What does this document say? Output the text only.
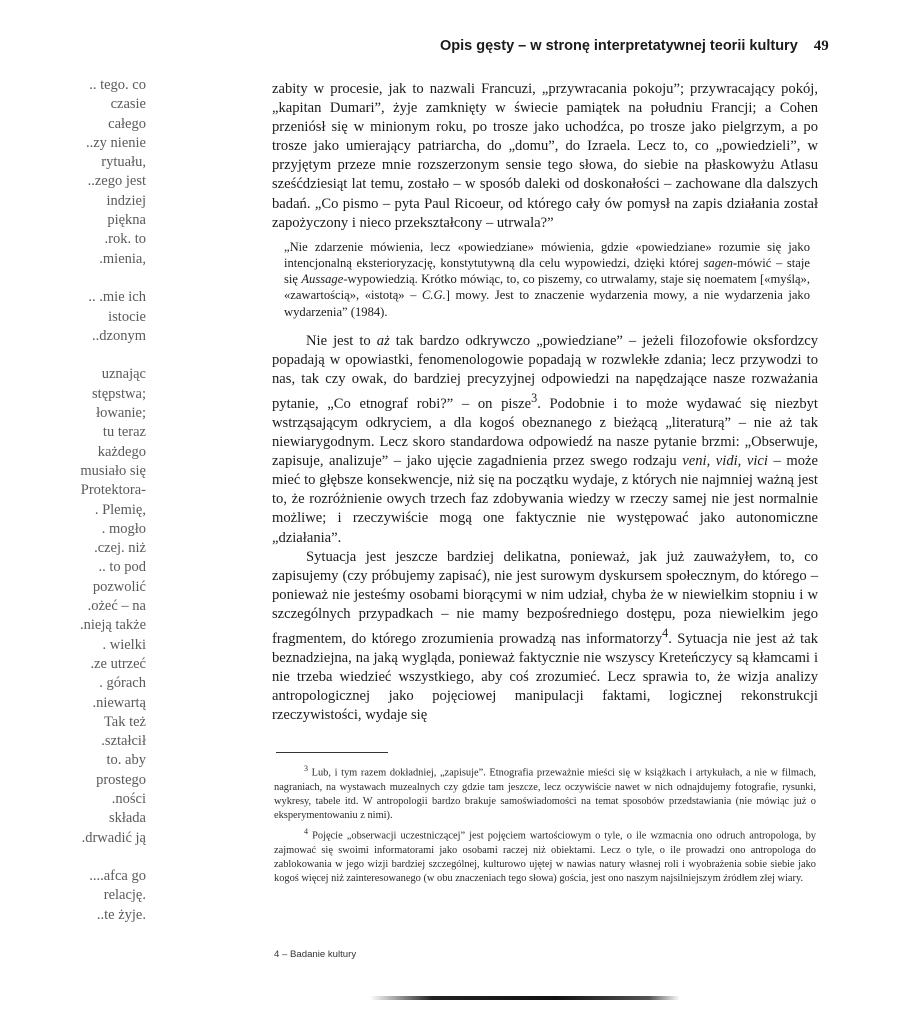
.. tego. co
czasie
całego
..zy nienie
rytuału,
..zego jest
indziej
piękna
.rok. to
.mienia,
.. .mie ich
istocie
..dzonym
uznając
stępstwa;
łowanie;
tu teraz
każdego
musiało się
Protektora-
. Plemię,
. mogło
.czej. niż
.. to pod
pozwolić
.ożeć – na
.nieją także
. wielki
.ze utrzeć
. górach
.niewartą
Tak też
.ształcił
to. aby
prostego
.ności
składa
.drwadić ją
....afca go
relację.
..te żyje.
Opis gęsty – w stronę interpretatywnej teorii kultury 49

zabity w procesie, jak to nazwali Francuzi, „przywracania pokoju”; przywracający pokój, „kapitan Dumari”, żyje zamknięty w świecie pamiątek na południu Francji; a Cohen przeniósł się w minionym roku, po trosze jako uchodźca, po trosze jako pielgrzym, a po trosze jako umierający patriarcha, do „domu”, do Izraela. Lecz to, co „powiedzieli”, w przyjętym przeze mnie rozszerzonym sensie tego słowa, do siebie na płaskowyżu Atlasu sześćdziesiąt lat temu, zostało – w sposób daleki od doskonałości – zachowane dla dalszych badań. „Co pismo – pyta Paul Ricoeur, od którego cały ów pomysł na zapis działania został zapożyczony i nieco przekształcony – utrwala?”

„Nie zdarzenie mówienia, lecz «powiedziane» mówienia, gdzie «powiedziane» rozumie się jako intencjonalną eksterioryzację, konstytutywną dla celu wypowiedzi, dzięki której sagen-mówić – staje się Aussage-wypowiedzią. Krótko mówiąc, to, co piszemy, co utrwalamy, staje się noematem [«myślą», «zawartością», «istotą» – C.G.] mowy. Jest to znaczenie wydarzenia mowy, a nie wydarzenia jako wydarzenia” (1984).

Nie jest to aż tak bardzo odkrywczo „powiedziane” – jeżeli filozofowie oksfordzcy popadają w opowiastki, fenomenologowie popadają w rozwlekłe zdania; lecz przywodzi to nas, tak czy owak, do bardziej precyzyjnej odpowiedzi na napędzające nasze rozważania pytanie, „Co etnograf robi?” – on pisze$^3$. Podobnie i to może wydawać się niezbyt wstrząsającym odkryciem, a dla kogoś obeznanego z bieżącą „literaturą” – nie aż tak niewiarygodnym. Lecz skoro standardowa odpowiedź na nasze pytanie brzmi: „Obserwuje, zapisuje, analizuje” – jako ujęcie zagadnienia przez swego rodzaju veni, vidi, vici – może mieć to głębsze konsekwencje, niż się na początku wydaje, z których nie najmniej ważną jest to, że rozróżnienie owych trzech faz zdobywania wiedzy w rzeczy samej nie jest normalnie możliwe; i rzeczywiście mogą one faktycznie nie występować jako autonomiczne „działania”.

Sytuacja jest jeszcze bardziej delikatna, ponieważ, jak już zauważyłem, to, co zapisujemy (czy próbujemy zapisać), nie jest surowym dyskursem społecznym, do którego – ponieważ nie jesteśmy osobami biorącymi w nim udział, chyba że w niewielkim stopniu i w szczególnych przypadkach – nie mamy bezpośredniego dostępu, poza niewielkim jego fragmentem, do którego zrozumienia prowadzą nas informatorzy$^4$. Sytuacja nie jest aż tak beznadziejna, na jaką wygląda, ponieważ faktycznie nie wszyscy Kreteńczycy są kłamcami i nie trzeba wiedzieć wszystkiego, aby coś zrozumieć. Lecz sprawia to, że wizja analizy antropologicznej jako pojęciowej manipulacji faktami, logicznej rekonstrukcji rzeczywistości, wydaje się

$^3$ Lub, i tym razem dokładniej, „zapisuje”. Etnografia przeważnie mieści się w książkach i artykułach, a nie w filmach, nagraniach, na wystawach muzealnych czy gdzie tam jeszcze, lecz oczywiście nawet w nich odnajdujemy fotografie, rysunki, wykresy, tabele itd. W antropologii bardzo brakuje samoświadomości na temat sposobów przedstawiania (nie mówiąc już o eksperymentowaniu z nimi).

$^4$ Pojęcie „obserwacji uczestniczącej” jest pojęciem wartościowym o tyle, o ile wzmacnia ono odruch antropologa, by zajmować się swoimi informatorami jako osobami raczej niż obiektami. Lecz o tyle, o ile prowadzi ono antropologa do zablokowania w jego wizji bardziej szczególnej, kulturowo ujętej w nawias natury własnej roli i wyobrażenia sobie siebie jako kogoś więcej niż zainteresowanego (w obu znaczeniach tego słowa) gościa, jest ono naszym najsilniejszym źródłem złej wiary.

4 – Badanie kultury
